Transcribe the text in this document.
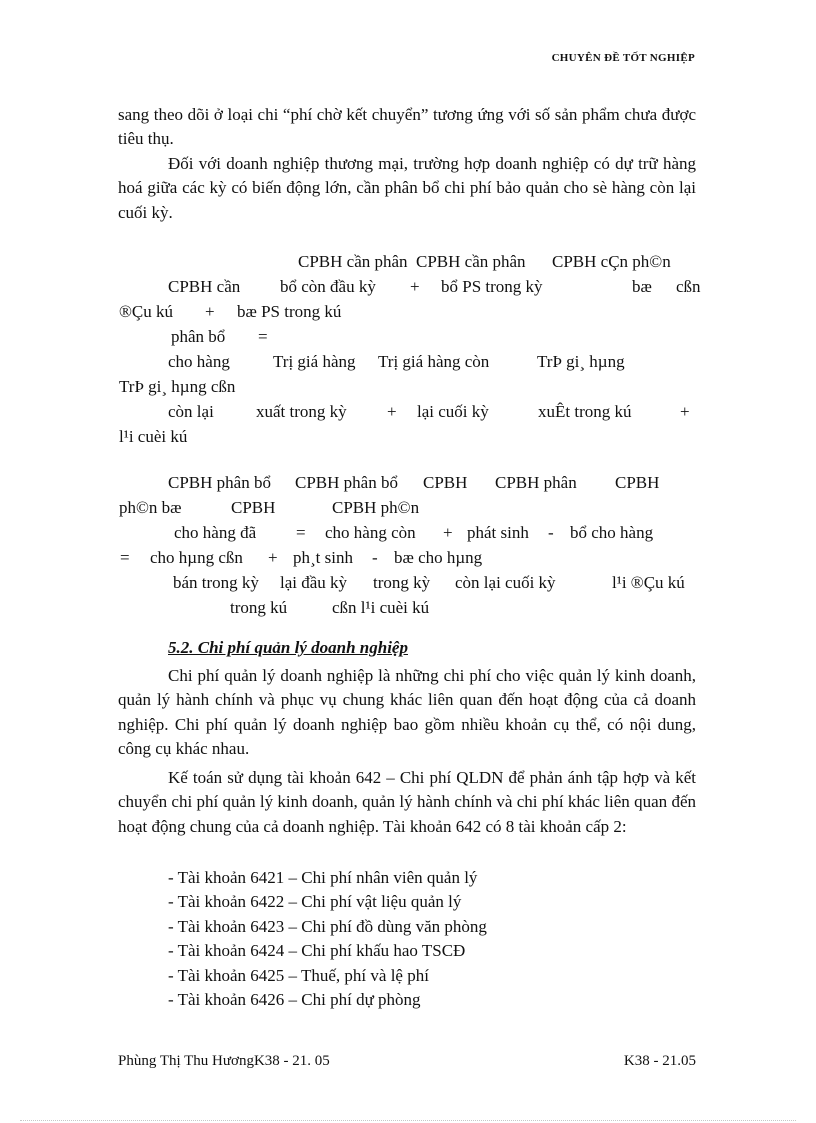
CHUYÊN ĐỀ TỐT NGHIỆP
sang theo dõi ở loại chi “phí chờ kết chuyển” tương ứng với số sản phẩm chưa được tiêu thụ.
Đối với doanh nghiệp thương mại, trường hợp doanh nghiệp có dự trữ hàng hoá giữa các kỳ có biến động lớn, cần phân bổ chi phí bảo quản cho sè hàng còn lại cuối kỳ.
CPBH cần phân CPBH cần phân CPBH cÇn ph©n
CPBH cần bổ còn đầu kỳ + bổ PS trong kỳ	bæ cßn
®Çu kú + bæ PS trong kú
phân bổ =
cho hàng	Trị giá hàng Trị giá hàng còn	TrÞ gi¸ hµng
TrÞ gi¸ hµng cßn
còn lại xuất trong kỳ + lại cuối kỳ	xuÊt trong kú	+
l¹i cuèi kú
CPBH phân bổ CPBH phân bổ CPBH CPBH phân CPBH
ph©n bæ	CPBH	CPBH ph©n
cho hàng đã = cho hàng còn + phát sinh - bổ cho hàng
= cho hµng cßn + ph¸t sinh - bæ cho hµng
bán trong kỳ lại đầu kỳ trong kỳ còn lại cuối kỳ	l¹i ®Çu kú
trong kú	cßn l¹i cuèi kú
5.2. Chi phí quản lý doanh nghiệp
Chi phí quản lý doanh nghiệp là những chi phí cho việc quản lý kinh doanh, quản lý hành chính và phục vụ chung khác liên quan đến hoạt động của cả doanh nghiệp. Chi phí quản lý doanh nghiệp bao gồm nhiều khoản cụ thể, có nội dung, công cụ khác nhau.
Kế toán sử dụng tài khoản 642 – Chi phí QLDN để phản ánh tập hợp và kết chuyển chi phí quản lý kinh doanh, quản lý hành chính và chi phí khác liên quan đến hoạt động chung của cả doanh nghiệp. Tài khoản 642 có 8 tài khoản cấp 2:
- Tài khoản 6421 – Chi phí nhân viên quản lý
- Tài khoản 6422 – Chi phí vật liệu quản lý
- Tài khoản 6423 – Chi phí đồ dùng văn phòng
- Tài khoản 6424 – Chi phí khấu hao TSCĐ
- Tài khoản 6425 – Thuế, phí và lệ phí
- Tài khoản 6426 – Chi phí dự phòng
Phùng Thị Thu HươngK38 - 21. 05	K38 - 21.05
